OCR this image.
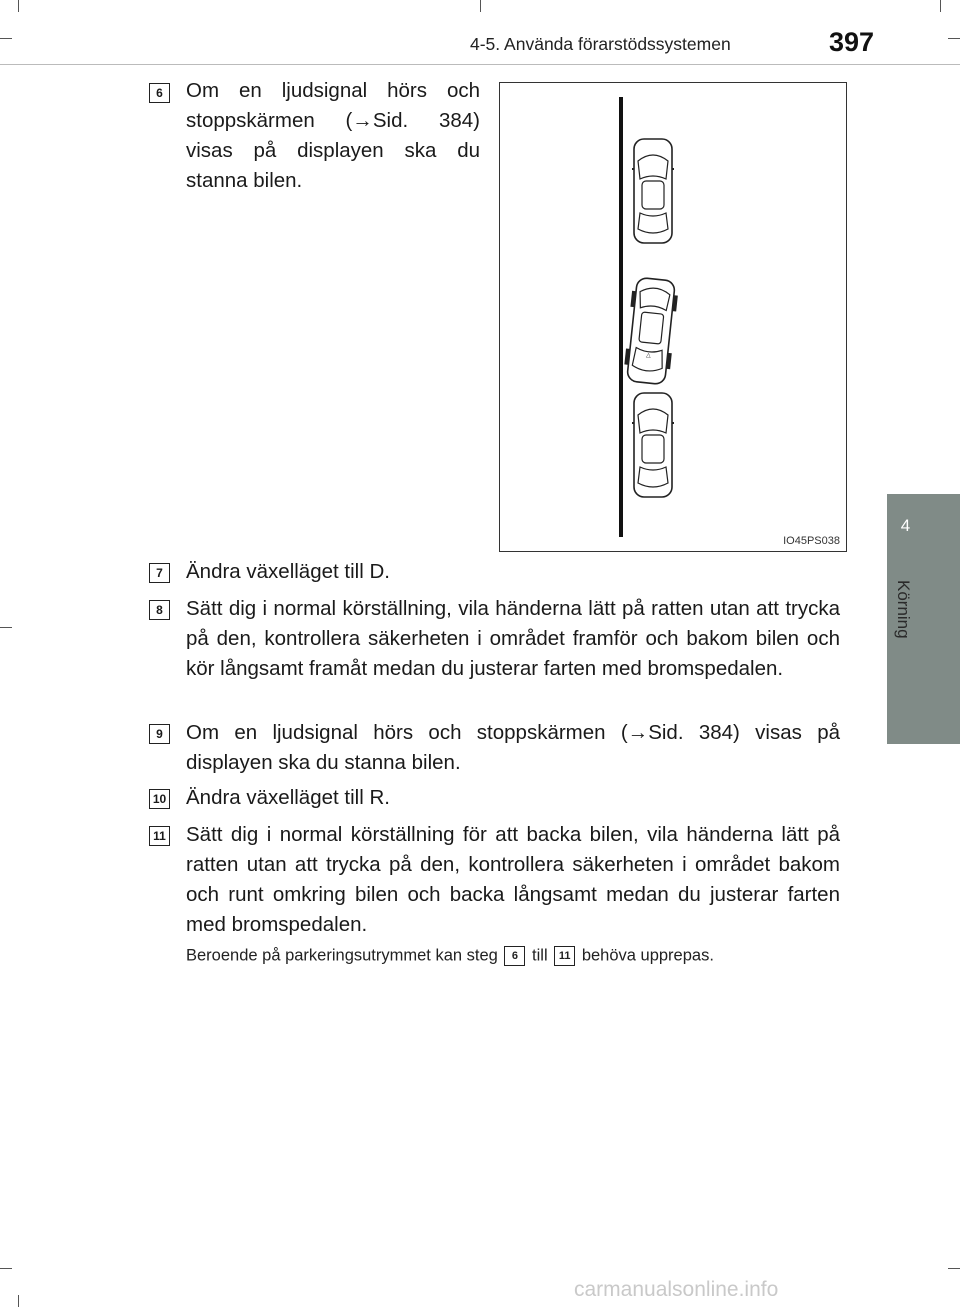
4-5. Använda förarstödssystemen	397
4
Körning
6	Om en ljudsignal hörs och stoppskärmen (→Sid. 384) visas på displayen ska du stanna bilen.
△
IO45PS038
7	Ändra växelläget till D.
8	Sätt dig i normal körställning, vila händerna lätt på ratten utan att trycka på den, kontrollera säkerheten i området framför och bakom bilen och kör långsamt framåt medan du justerar farten med bromspedalen.
9	Om en ljudsignal hörs och stoppskärmen (→Sid. 384) visas på displayen ska du stanna bilen.
10 Ändra växelläget till R.
11 Sätt dig i normal körställning för att backa bilen, vila händerna lätt på ratten utan att trycka på den, kontrollera säkerheten i området bakom och runt omkring bilen och backa långsamt medan du justerar farten med bromspedalen.
Beroende på parkeringsutrymmet kan steg 6 till 11 behöva upprepas.
carmanualsonline.info
